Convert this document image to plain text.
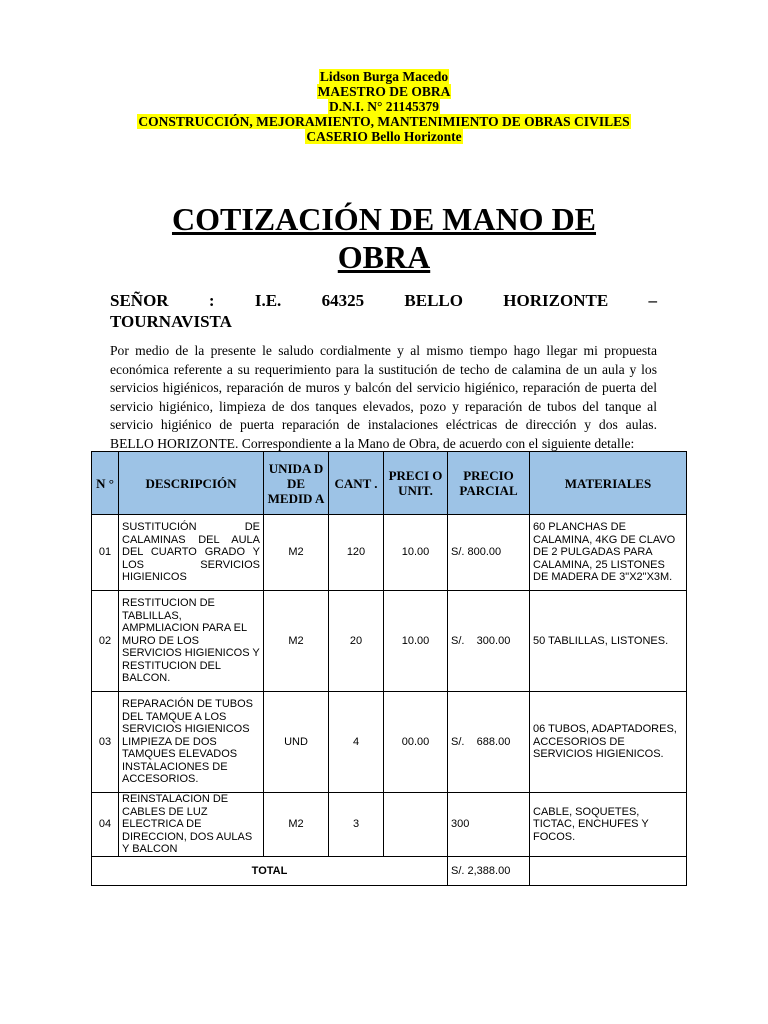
Lidson Burga Macedo
MAESTRO DE OBRA
D.N.I. N° 21145379
CONSTRUCCIÓN, MEJORAMIENTO, MANTENIMIENTO DE OBRAS CIVILES
CASERIO Bello Horizonte
COTIZACIÓN DE MANO DE
OBRA
SEÑOR : I.E. 64325 BELLO HORIZONTE –
TOURNAVISTA
Por medio de la presente le saludo cordialmente y al mismo tiempo hago llegar mi propuesta económica referente a su requerimiento para la sustitución de techo de calamina de un aula y los servicios higiénicos, reparación de muros y balcón del servicio higiénico, reparación de puerta del servicio higiénico, limpieza de dos tanques elevados, pozo y reparación de tubos del tanque al servicio higiénico de puerta reparación de instalaciones eléctricas de dirección y dos aulas.
BELLO HORIZONTE. Correspondiente a la Mano de Obra, de acuerdo con el siguiente detalle:
N °	DESCRIPCIÓN	UNIDA D DE MEDID A	CANT .	PRECI O UNIT.	PRECIO PARCIAL	MATERIALES
01	SUSTITUCIÓN DE CALAMINAS DEL AULA DEL CUARTO GRADO Y LOS SERVICIOS HIGIENICOS	M2	120	10.00	S/. 800.00	60 PLANCHAS DE CALAMINA, 4KG DE CLAVO DE 2 PULGADAS PARA CALAMINA, 25 LISTONES DE MADERA DE 3"X2"X3M.
02	RESTITUCION DE TABLILLAS, AMPMLIACION PARA EL MURO DE LOS SERVICIOS HIGIENICOS Y RESTITUCION DEL BALCON.	M2	20	10.00	S/.    300.00	50 TABLILLAS, LISTONES.
03	REPARACIÓN DE TUBOS DEL TAMQUE A LOS SERVICIOS HIGIENICOS LIMPIEZA DE DOS TAMQUES ELEVADOS INSTALACIONES DE ACCESORIOS.	UND	4	00.00	S/.    688.00	06 TUBOS, ADAPTADORES, ACCESORIOS DE SERVICIOS HIGIENICOS.
04	REINSTALACION DE CABLES DE LUZ ELECTRICA DE DIRECCION, DOS AULAS Y BALCON	M2	3		300	CABLE, SOQUETES, TICTAC, ENCHUFES Y FOCOS.
TOTAL					S/. 2,388.00	
